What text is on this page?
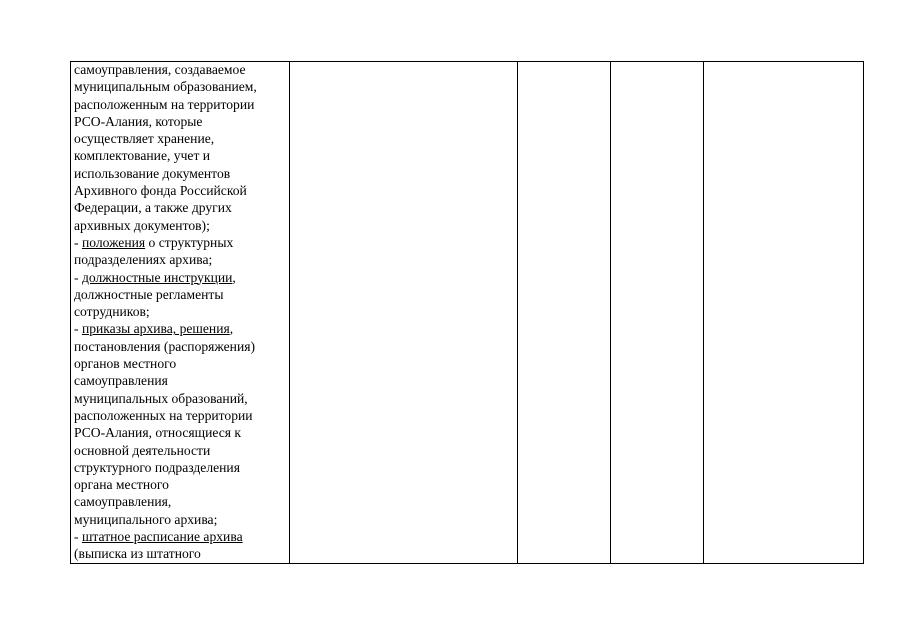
самоуправления, создаваемое
муниципальным образованием,
расположенным на территории
РСО-Алания, которые
осуществляет хранение,
комплектование, учет и
использование документов
Архивного фонда Российской
Федерации, а также других
архивных документов);
- положения о структурных
подразделениях архива;
- должностные инструкции,
должностные регламенты
сотрудников;
- приказы архива, решения,
постановления (распоряжения)
органов местного
самоуправления
муниципальных образований,
расположенных на территории
РСО-Алания, относящиеся к
основной деятельности
структурного подразделения
органа местного
самоуправления,
муниципального архива;
- штатное расписание архива
(выписка из штатного
